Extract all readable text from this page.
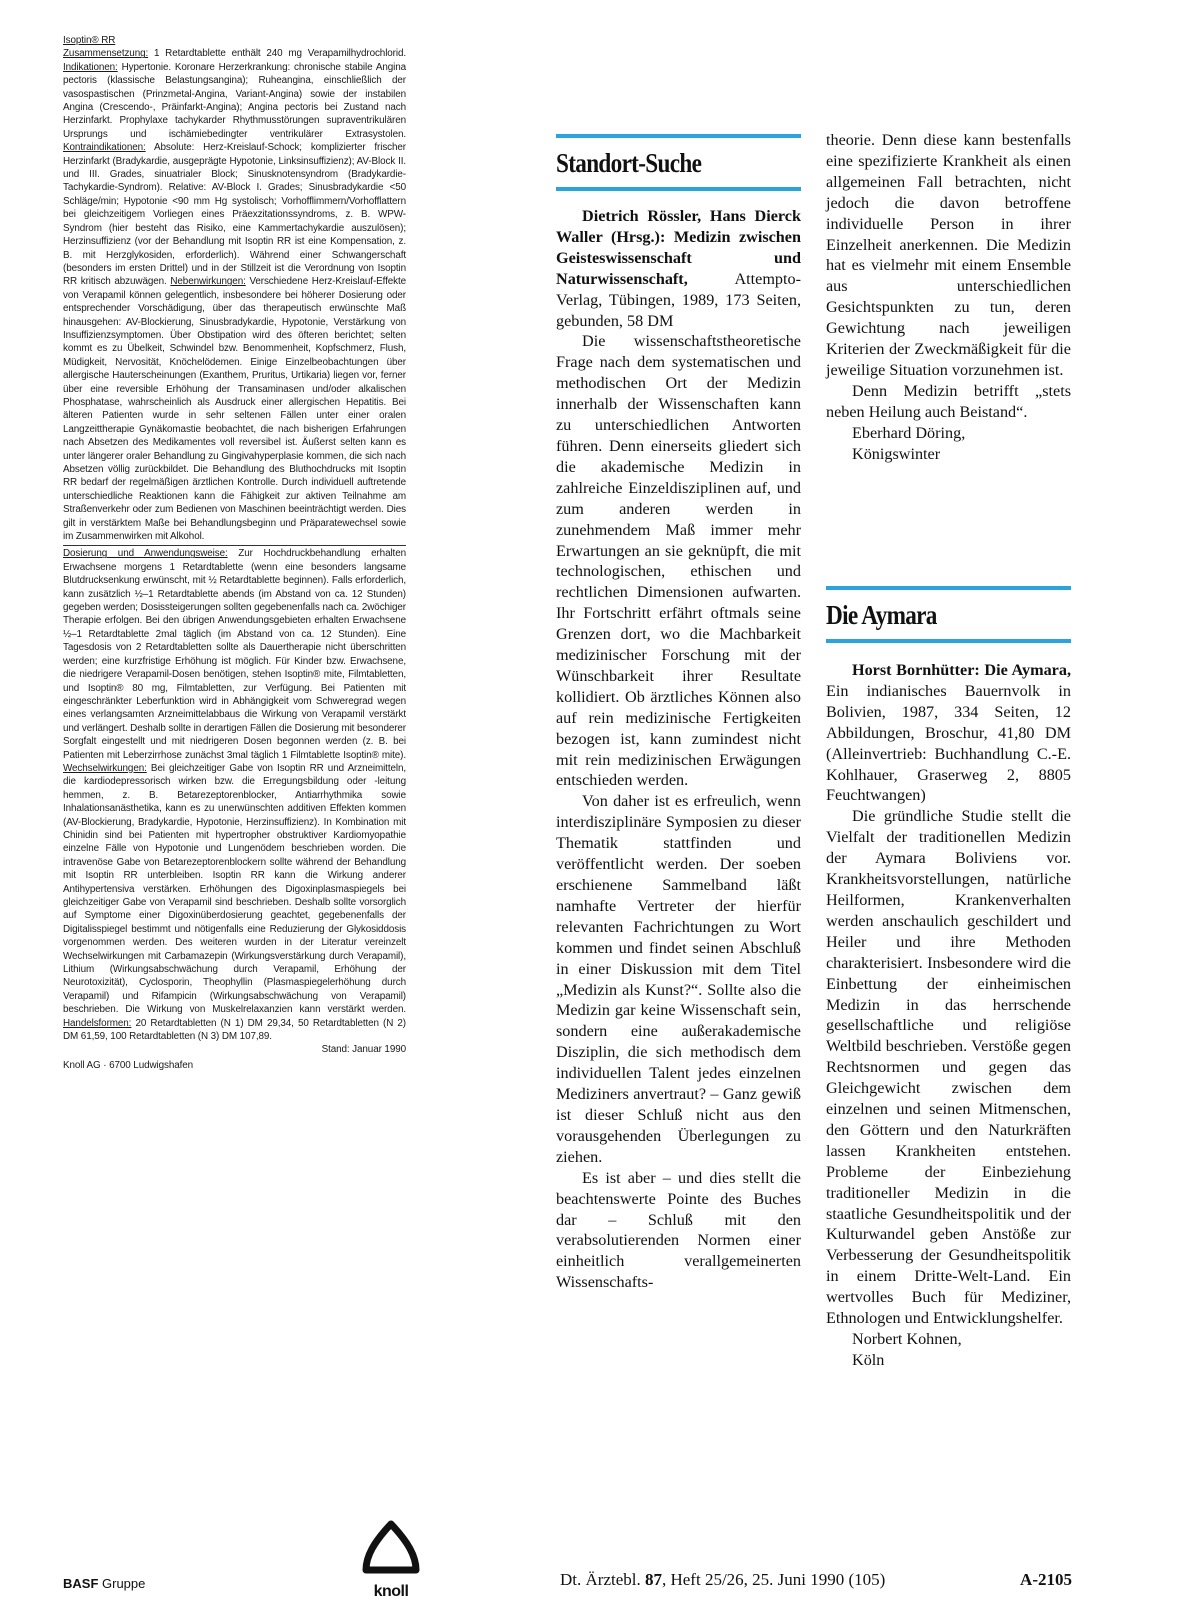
Isoptin® RR
Zusammensetzung: 1 Retardtablette enthält 240 mg Verapamilhydrochlorid. Indikationen: Hypertonie. Koronare Herzerkrankung: chronische stabile Angina pectoris (klassische Belastungsangina); Ruheangina, einschließlich der vasospastischen (Prinzmetal-Angina, Variant-Angina) sowie der instabilen Angina (Crescendo-, Präinfarkt-Angina); Angina pectoris bei Zustand nach Herzinfarkt. Prophylaxe tachykarder Rhythmusstörungen supraventrikulären Ursprungs und ischämiebedingter ventrikulärer Extrasystolen. Kontraindikationen: Absolute: Herz-Kreislauf-Schock; komplizierter frischer Herzinfarkt (Bradykardie, ausgeprägte Hypotonie, Linksinsuffizienz); AV-Block II. und III. Grades, sinuatrialer Block; Sinusknotensyndrom (Bradykardie-Tachykardie-Syndrom). Relative: AV-Block I. Grades; Sinusbradykardie <50 Schläge/min; Hypotonie <90 mm Hg systolisch; Vorhofflimmern/Vorhofflattern bei gleichzeitigem Vorliegen eines Präexzitationssyndroms, z. B. WPW-Syndrom (hier besteht das Risiko, eine Kammertachykardie auszulösen); Herzinsuffizienz (vor der Behandlung mit Isoptin RR ist eine Kompensation, z. B. mit Herzglykosiden, erforderlich). Während einer Schwangerschaft (besonders im ersten Drittel) und in der Stillzeit ist die Verordnung von Isoptin RR kritisch abzuwägen. Nebenwirkungen: Verschiedene Herz-Kreislauf-Effekte von Verapamil können gelegentlich, insbesondere bei höherer Dosierung oder entsprechender Vorschädigung, über das therapeutisch erwünschte Maß hinausgehen: AV-Blockierung, Sinusbradykardie, Hypotonie, Verstärkung von Insuffizienzsymptomen. Über Obstipation wird des öfteren berichtet; selten kommt es zu Übelkeit, Schwindel bzw. Benommenheit, Kopfschmerz, Flush, Müdigkeit, Nervosität, Knöchelödemen. Einige Einzelbeobachtungen über allergische Hauterscheinungen (Exanthem, Pruritus, Urtikaria) liegen vor, ferner über eine reversible Erhöhung der Transaminasen und/oder alkalischen Phosphatase, wahrscheinlich als Ausdruck einer allergischen Hepatitis. Bei älteren Patienten wurde in sehr seltenen Fällen unter einer oralen Langzeittherapie Gynäkomastie beobachtet, die nach bisherigen Erfahrungen nach Absetzen des Medikamentes voll reversibel ist. Äußerst selten kann es unter längerer oraler Behandlung zu Gingivahyperplasie kommen, die sich nach Absetzen völlig zurückbildet. Die Behandlung des Bluthochdrucks mit Isoptin RR bedarf der regelmäßigen ärztlichen Kontrolle. Durch individuell auftretende unterschiedliche Reaktionen kann die Fähigkeit zur aktiven Teilnahme am Straßenverkehr oder zum Bedienen von Maschinen beeinträchtigt werden. Dies gilt in verstärktem Maße bei Behandlungsbeginn und Präparatewechsel sowie im Zusammenwirken mit Alkohol.

Dosierung und Anwendungsweise: Zur Hochdruckbehandlung erhalten Erwachsene morgens 1 Retardtablette (wenn eine besonders langsame Blutdrucksenkung erwünscht, mit ½ Retardtablette beginnen). Falls erforderlich, kann zusätzlich ½–1 Retardtablette abends (im Abstand von ca. 12 Stunden) gegeben werden; Dosissteigerungen sollten gegebenenfalls nach ca. 2wöchiger Therapie erfolgen. Bei den übrigen Anwendungsgebieten erhalten Erwachsene ½–1 Retardtablette 2mal täglich (im Abstand von ca. 12 Stunden). Eine Tagesdosis von 2 Retardtabletten sollte als Dauertherapie nicht überschritten werden; eine kurzfristige Erhöhung ist möglich. Für Kinder bzw. Erwachsene, die niedrigere Verapamil-Dosen benötigen, stehen Isoptin® mite, Filmtabletten, und Isoptin® 80 mg, Filmtabletten, zur Verfügung. Bei Patienten mit eingeschränkter Leberfunktion wird in Abhängigkeit vom Schweregrad wegen eines verlangsamten Arzneimittelabbaus die Wirkung von Verapamil verstärkt und verlängert. Deshalb sollte in derartigen Fällen die Dosierung mit besonderer Sorgfalt eingestellt und mit niedrigeren Dosen begonnen werden (z. B. bei Patienten mit Leberzirrhose zunächst 3mal täglich 1 Filmtablette Isoptin® mite). Wechselwirkungen: Bei gleichzeitiger Gabe von Isoptin RR und Arzneimitteln, die kardiodepressorisch wirken bzw. die Erregungsbildung oder -leitung hemmen, z. B. Betarezeptorenblocker, Antiarrhythmika sowie Inhalationsanästhetika, kann es zu unerwünschten additiven Effekten kommen (AV-Blockierung, Bradykardie, Hypotonie, Herzinsuffizienz). In Kombination mit Chinidin sind bei Patienten mit hypertropher obstruktiver Kardiomyopathie einzelne Fälle von Hypotonie und Lungenödem beschrieben worden. Die intravenöse Gabe von Betarezeptorenblockern sollte während der Behandlung mit Isoptin RR unterbleiben. Isoptin RR kann die Wirkung anderer Antihypertensiva verstärken. Erhöhungen des Digoxinplasmaspiegels bei gleichzeitiger Gabe von Verapamil sind beschrieben. Deshalb sollte vorsorglich auf Symptome einer Digoxinüberdosierung geachtet, gegebenenfalls der Digitalisspiegel bestimmt und nötigenfalls eine Reduzierung der Glykosiddosis vorgenommen werden. Des weiteren wurden in der Literatur vereinzelt Wechselwirkungen mit Carbamazepin (Wirkungsverstärkung durch Verapamil), Lithium (Wirkungsabschwächung durch Verapamil, Erhöhung der Neurotoxizität), Cyclosporin, Theophyllin (Plasmaspiegelerhöhung durch Verapamil) und Rifampicin (Wirkungsabschwächung von Verapamil) beschrieben. Die Wirkung von Muskelrelaxanzien kann verstärkt werden. Handelsformen: 20 Retardtabletten (N 1) DM 29,34, 50 Retardtabletten (N 2) DM 61,59, 100 Retardtabletten (N 3) DM 107,89.

Stand: Januar 1990

Knoll AG · 6700 Ludwigshafen

BASF Gruppe	knoll
Standort-Suche

Dietrich Rössler, Hans Dierck Waller (Hrsg.): Medizin zwischen Geisteswissenschaft und Naturwissenschaft, Attempto-Verlag, Tübingen, 1989, 173 Seiten, gebunden, 58 DM

Die wissenschaftstheoretische Frage nach dem systematischen und methodischen Ort der Medizin innerhalb der Wissenschaften kann zu unterschiedlichen Antworten führen. Denn einerseits gliedert sich die akademische Medizin in zahlreiche Einzeldisziplinen auf, und zum anderen werden in zunehmendem Maß immer mehr Erwartungen an sie geknüpft, die mit technologischen, ethischen und rechtlichen Dimensionen aufwarten. Ihr Fortschritt erfährt oftmals seine Grenzen dort, wo die Machbarkeit medizinischer Forschung mit der Wünschbarkeit ihrer Resultate kollidiert. Ob ärztliches Können also auf rein medizinische Fertigkeiten bezogen ist, kann zumindest nicht mit rein medizinischen Erwägungen entschieden werden.

Von daher ist es erfreulich, wenn interdisziplinäre Symposien zu dieser Thematik stattfinden und veröffentlicht werden. Der soeben erschienene Sammelband läßt namhafte Vertreter der hierfür relevanten Fachrichtungen zu Wort kommen und findet seinen Abschluß in einer Diskussion mit dem Titel „Medizin als Kunst?“. Sollte also die Medizin gar keine Wissenschaft sein, sondern eine außerakademische Disziplin, die sich methodisch dem individuellen Talent jedes einzelnen Mediziners anvertraut? – Ganz gewiß ist dieser Schluß nicht aus den vorausgehenden Überlegungen zu ziehen.

Es ist aber – und dies stellt die beachtenswerte Pointe des Buches dar – Schluß mit den verabsolutierenden Normen einer einheitlich verallgemeinerten Wissenschafts-

theorie. Denn diese kann bestenfalls eine spezifizierte Krankheit als einen allgemeinen Fall betrachten, nicht jedoch die davon betroffene individuelle Person in ihrer Einzelheit anerkennen. Die Medizin hat es vielmehr mit einem Ensemble aus unterschiedlichen Gesichtspunkten zu tun, deren Gewichtung nach jeweiligen Kriterien der Zweckmäßigkeit für die jeweilige Situation vorzunehmen ist.

Denn Medizin betrifft „stets neben Heilung auch Beistand“.

Eberhard Döring,

Königswinter

Die Aymara

Horst Bornhütter: Die Aymara, Ein indianisches Bauernvolk in Bolivien, 1987, 334 Seiten, 12 Abbildungen, Broschur, 41,80 DM (Alleinvertrieb: Buchhandlung C.-E. Kohlhauer, Graserweg 2, 8805 Feuchtwangen)

Die gründliche Studie stellt die Vielfalt der traditionellen Medizin der Aymara Boliviens vor. Krankheitsvorstellungen, natürliche Heilformen, Krankenverhalten werden anschaulich geschildert und Heiler und ihre Methoden charakterisiert. Insbesondere wird die Einbettung der einheimischen Medizin in das herrschende gesellschaftliche und religiöse Weltbild beschrieben. Verstöße gegen Rechtsnormen und gegen das Gleichgewicht zwischen dem einzelnen und seinen Mitmenschen, den Göttern und den Naturkräften lassen Krankheiten entstehen. Probleme der Einbeziehung traditioneller Medizin in die staatliche Gesundheitspolitik und der Kulturwandel geben Anstöße zur Verbesserung der Gesundheitspolitik in einem Dritte-Welt-Land. Ein wertvolles Buch für Mediziner, Ethnologen und Entwicklungshelfer.

Norbert Kohnen,

Köln

Dt. Ärztebl. 87, Heft 25/26, 25. Juni 1990 (105)	A-2105
